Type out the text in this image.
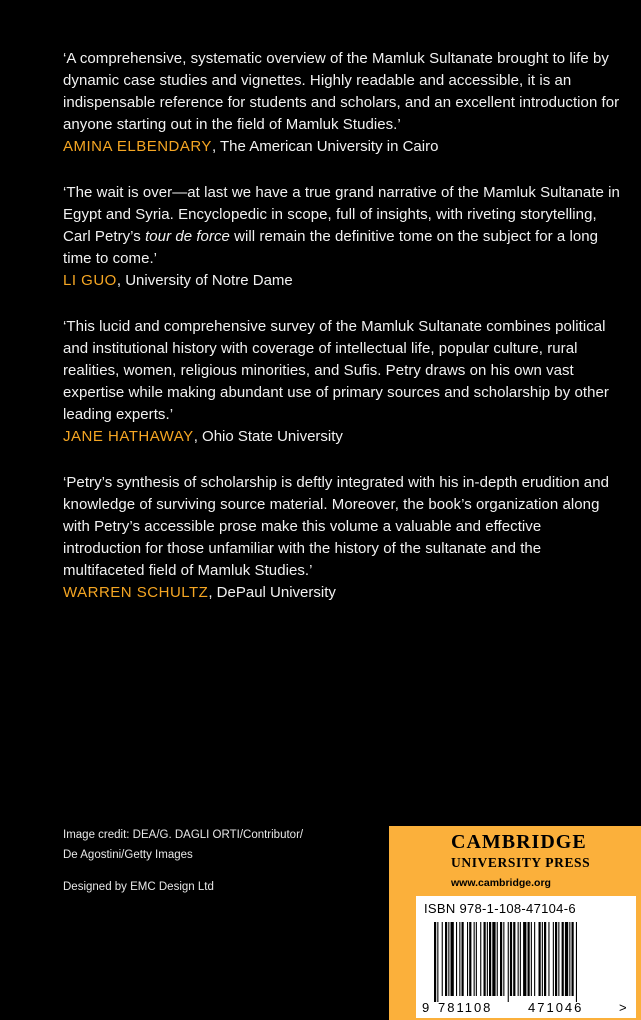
‘A comprehensive, systematic overview of the Mamluk Sultanate brought to life by dynamic case studies and vignettes. Highly readable and accessible, it is an indispensable reference for students and scholars, and an excellent introduction for anyone starting out in the field of Mamluk Studies.’

AMINA ELBENDARY, The American University in Cairo

‘The wait is over—at last we have a true grand narrative of the Mamluk Sultanate in Egypt and Syria. Encyclopedic in scope, full of insights, with riveting storytelling, Carl Petry’s tour de force will remain the definitive tome on the subject for a long time to come.’

LI GUO, University of Notre Dame

‘This lucid and comprehensive survey of the Mamluk Sultanate combines political and institutional history with coverage of intellectual life, popular culture, rural realities, women, religious minorities, and Sufis. Petry draws on his own vast expertise while making abundant use of primary sources and scholarship by other leading experts.’

JANE HATHAWAY, Ohio State University

‘Petry’s synthesis of scholarship is deftly integrated with his in-depth erudition and knowledge of surviving source material. Moreover, the book’s organization along with Petry’s accessible prose make this volume a valuable and effective introduction for those unfamiliar with the history of the sultanate and the multifaceted field of Mamluk Studies.’

WARREN SCHULTZ, DePaul University
Image credit: DEA/G. DAGLI ORTI/Contributor/
De Agostini/Getty Images
Designed by EMC Design Ltd
CAMBRIDGE
UNIVERSITY PRESS
www.cambridge.org
ISBN 978-1-108-47104-6
9 781108	471046	>
